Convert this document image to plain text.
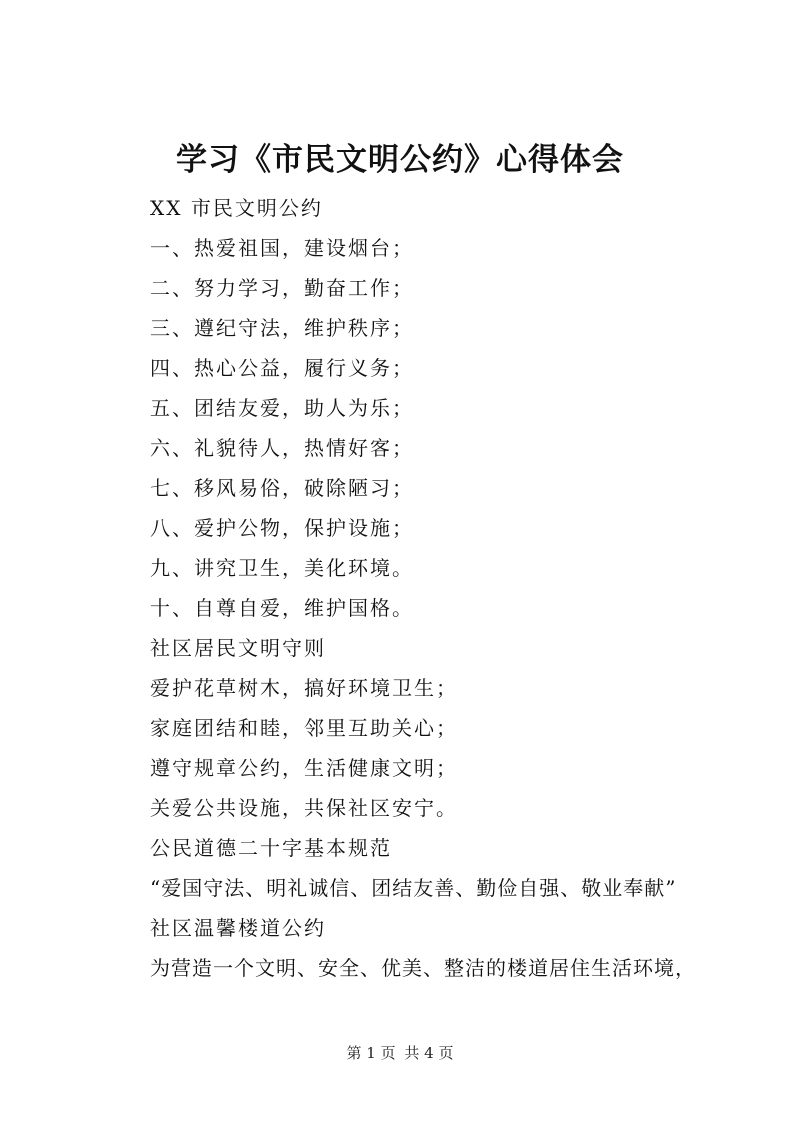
学习《市民文明公约》心得体会
XX 市民文明公约
一、热爱祖国，建设烟台；
二、努力学习，勤奋工作；
三、遵纪守法，维护秩序；
四、热心公益，履行义务；
五、团结友爱，助人为乐；
六、礼貌待人，热情好客；
七、移风易俗，破除陋习；
八、爱护公物，保护设施；
九、讲究卫生，美化环境。
十、自尊自爱，维护国格。
社区居民文明守则
爱护花草树木，搞好环境卫生；
家庭团结和睦，邻里互助关心；
遵守规章公约，生活健康文明；
关爱公共设施，共保社区安宁。
公民道德二十字基本规范
“爱国守法、明礼诚信、团结友善、勤俭自强、敬业奉献”
社区温馨楼道公约
为营造一个文明、安全、优美、整洁的楼道居住生活环境，
第 1 页 共 4 页
